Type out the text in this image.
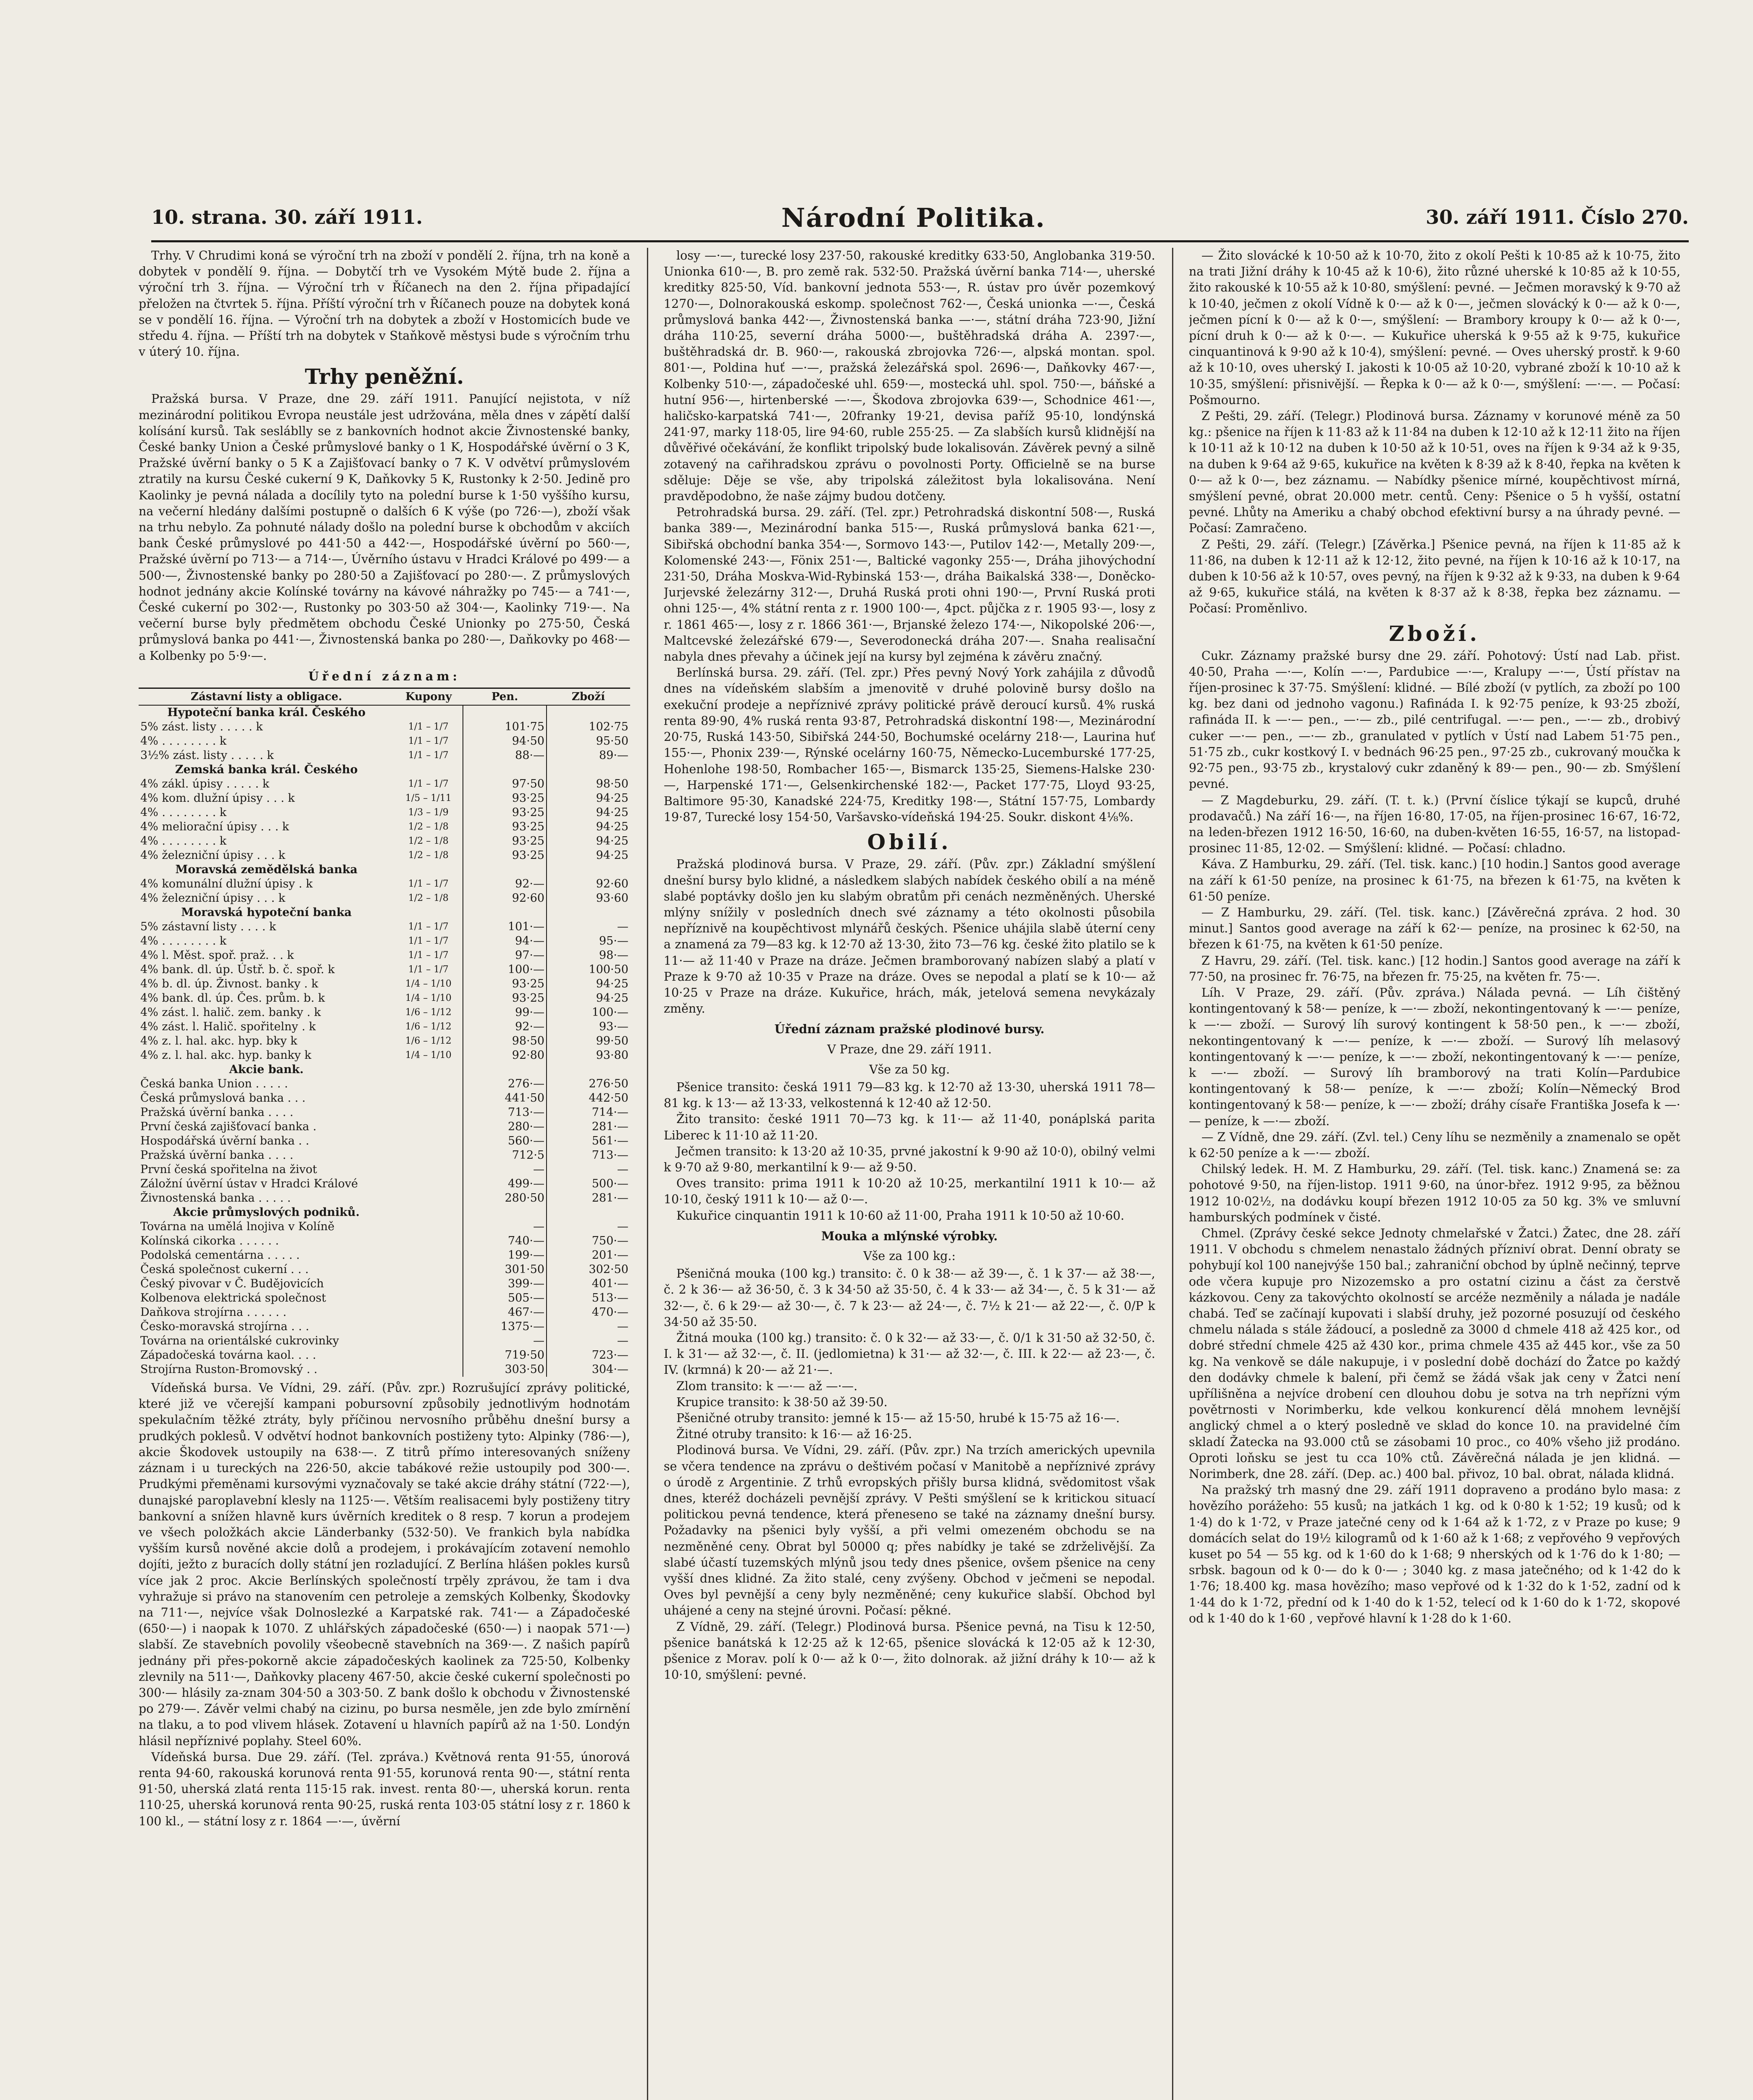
10. strana. 30. září 1911.	Národní Politika.	30. září 1911. Číslo 270.

Trhy. V Chrudimi koná se výroční trh na zboží v pondělí 2. října, trh na koně a dobytek v pondělí 9. října. — Dobytčí trh ve Vysokém Mýtě bude 2. října a výroční trh 3. října. — Výroční trh v Říčanech na den 2. října připadající přeložen na čtvrtek 5. října. Příští výroční trh v Říčanech pouze na dobytek koná se v pondělí 16. října. — Výroční trh na dobytek a zboží v Hostomicích bude ve středu 4. října. — Příští trh na dobytek v Staňkově městysi bude s výročním trhu v úterý 10. října.

Trhy peněžní.

Pražská bursa. V Praze, dne 29. září 1911. Panující nejistota, v níž mezinárodní politikou Evropa neustále jest udržována, měla dnes v zápětí další kolísání kursů. Tak sesláblly se z bankovních hodnot akcie Živnostenské banky, České banky Union a České průmyslové banky o 1 K, Hospodářské úvěrní o 3 K, Pražské úvěrní banky o 5 K a Zajišťovací banky o 7 K. V odvětví průmyslovém ztratily na kursu České cukerní 9 K, Daňkovky 5 K, Rustonky k 2·50. Jedině pro Kaolinky je pevná nálada a docílily tyto na polední burse k 1·50 vyššího kursu, na večerní hledány dalšími postupně o dalších 6 K výše (po 726·—), zboží však na trhu nebylo. Za pohnuté nálady došlo na polední burse k obchodům v akciích bank České průmyslové po 441·50 a 442·—, Hospodářské úvěrní po 560·—, Pražské úvěrní po 713·— a 714·—, Úvěrního ústavu v Hradci Králové po 499·— a 500·—, Živnostenské banky po 280·50 a Zajišťovací po 280·—. Z průmyslových hodnot jednány akcie Kolínské továrny na kávové náhražky po 745·— a 741·—, České cukerní po 302·—, Rustonky po 303·50 až 304·—, Kaolinky 719·—. Na večerní burse byly předmětem obchodu České Unionky po 275·50, Česká průmyslová banka po 441·—, Živnostenská banka po 280·—, Daňkovky po 468·— a Kolbenky po 5·9·—.

Úřední záznam:
Zástavní listy a obligace.	Kupony	Pen.	Zboží
Hypoteční banka král. Českého			
5% zást. listy . . . . . k	1/1 – 1/7	101·75	102·75
4% . . . . . . . . k	1/1 – 1/7	94·50	95·50
3½% zást. listy . . . . . k	1/1 – 1/7	88·—	89·—
Zemská banka král. Českého			
4% zákl. úpisy . . . . . k	1/1 – 1/7	97·50	98·50
4% kom. dlužní úpisy . . . k	1/5 – 1/11	93·25	94·25
4% . . . . . . . . k	1/3 – 1/9	93·25	94·25
4% meliorační úpisy . . . k	1/2 – 1/8	93·25	94·25
4% . . . . . . . . k	1/2 – 1/8	93·25	94·25
4% železniční úpisy . . . k	1/2 – 1/8	93·25	94·25
Moravská zemědělská banka			
4% komunální dlužní úpisy . k	1/1 – 1/7	92·—	92·60
4% železniční úpisy . . . k	1/2 – 1/8	92·60	93·60
Moravská hypoteční banka			
5% zástavní listy . . . . k	1/1 – 1/7	101·—	—
4% . . . . . . . . k	1/1 – 1/7	94·—	95·—
4% l. Měst. spoř. praž. . . k	1/1 – 1/7	97·—	98·—
4% bank. dl. úp. Ústř. b. č. spoř. k	1/1 – 1/7	100·—	100·50
4% b. dl. úp. Živnost. banky . k	1/4 – 1/10	93·25	94·25
4% bank. dl. úp. Čes. prům. b. k	1/4 – 1/10	93·25	94·25
4% zást. l. halič. zem. banky . k	1/6 – 1/12	99·—	100·—
4% zást. l. Halič. spořitelny . k	1/6 – 1/12	92·—	93·—
4% z. l. hal. akc. hyp. bky k	1/6 – 1/12	98·50	99·50
4% z. l. hal. akc. hyp. banky k	1/4 – 1/10	92·80	93·80
Akcie bank.			
Česká banka Union . . . . .		276·—	276·50
Česká průmyslová banka . . .		441·50	442·50
Pražská úvěrní banka . . . .		713·—	714·—
První česká zajišťovací banka .		280·—	281·—
Hospodářská úvěrní banka . .		560·—	561·—
Pražská úvěrní banka . . . .		712·5	713·—
První česká spořitelna na život		—	—
Záložní úvěrní ústav v Hradci Králové		499·—	500·—
Živnostenská banka . . . . .		280·50	281·—
Akcie průmyslových podniků.			
Továrna na umělá lnojiva v Kolíně		—	—
Kolínská cikorka . . . . . .		740·—	750·—
Podolská cementárna . . . . .		199·—	201·—
Česká společnost cukerní . . .		301·50	302·50
Český pivovar v Č. Budějovicích		399·—	401·—
Kolbenova elektrická společnost		505·—	513·—
Daňkova strojírna . . . . . .		467·—	470·—
Česko-moravská strojírna . . .		1375·—	—
Továrna na orientálské cukrovinky		—	—
Západočeská továrna kaol. . . .		719·50	723·—
Strojírna Ruston-Bromovský . .		303·50	304·—

Vídeňská bursa. Ve Vídni, 29. září. (Pův. zpr.) Rozrušující zprávy politické, které již ve včerejší kampani pobursovní způsobily jednotlivým hodnotám spekulačním těžké ztráty, byly příčinou nervosního průběhu dnešní bursy a prudkých poklesů. V odvětví hodnot bankovních postiženy tyto: Alpinky (786·—), akcie Škodovek ustoupily na 638·—. Z titrů přímo interesovaných sníženy záznam i u tureckých na 226·50, akcie tabákové režie ustoupily pod 300·—. Prudkými přeměnami kursovými vyznačovaly se také akcie dráhy státní (722·—), dunajské paroplavební klesly na 1125·—. Větším realisacemi byly postiženy titry bankovní a snížen hlavně kurs úvěrních kreditek o 8 resp. 7 korun a prodejem ve všech položkách akcie Länderbanky (532·50). Ve frankich byla nabídka vyšším kursů nověné akcie dolů a prodejem, i prokávajícím zotavení nemohlo dojíti, ježto z buracích dolly státní jen rozladující. Z Berlína hlášen pokles kursů více jak 2 proc. Akcie Berlínských společností trpěly zprávou, že tam i dva vyhražuje si právo na stanovením cen petroleje a zemských Kolbenky, Škodovky na 711·—, nejvíce však Dolnoslezké a Karpatské rak. 741·— a Západočeské (650·—) i naopak k 1070. Z uhlářských západočeské (650·—) i naopak 571·—) slabší. Ze stavebních povolily všeobecně stavebních na 369·—. Z našich papírů jednány při přes-pokorně akcie západočeských kaolinek za 725·50, Kolbenky zlevnily na 511·—, Daňkovky placeny 467·50, akcie české cukerní společnosti po 300·— hlásily za-znam 304·50 a 303·50. Z bank došlo k obchodu v Živnostenské po 279·—. Závěr velmi chabý na cizinu, po bursa nesměle, jen zde bylo zmírnění na tlaku, a to pod vlivem hlásek. Zotavení u hlavních papírů až na 1·50. Londýn hlásil nepříznivé poplahy. Steel 60%.

Vídeňská bursa. Due 29. září. (Tel. zpráva.) Květnová renta 91·55, únorová renta 94·60, rakouská korunová renta 91·55, korunová renta 90·—, státní renta 91·50, uherská zlatá renta 115·15 rak. invest. renta 80·—, uherská korun. renta 110·25, uherská korunová renta 90·25, ruská renta 103·05 státní losy z r. 1860 k 100 kl., — státní losy z r. 1864 —·—, úvěrní

losy —·—, turecké losy 237·50, rakouské kreditky 633·50, Anglobanka 319·50. Unionka 610·—, B. pro země rak. 532·50. Pražská úvěrní banka 714·—, uherské kreditky 825·50, Víd. bankovní jednota 553·—, R. ústav pro úvěr pozemkový 1270·—, Dolnorakouská eskomp. společnost 762·—, Česká unionka —·—, Česká průmyslová banka 442·—, Živnostenská banka —·—, státní dráha 723·90, Jižní dráha 110·25, severní dráha 5000·—, buštěhradská dráha A. 2397·—, buštěhradská dr. B. 960·—, rakouská zbrojovka 726·—, alpská montan. spol. 801·—, Poldina huť —·—, pražská železářská spol. 2696·—, Daňkovky 467·—, Kolbenky 510·—, západočeské uhl. 659·—, mostecká uhl. spol. 750·—, báňské a hutní 956·—, hirtenberské —·—, Škodova zbrojovka 639·—, Schodnice 461·—, haličsko-karpatská 741·—, 20franky 19·21, devisa paříž 95·10, londýnská 241·97, marky 118·05, lire 94·60, ruble 255·25. — Za slabších kursů klidnější na důvěřivé očekávání, že konflikt tripolský bude lokalisován. Závěrek pevný a silně zotavený na cařihradskou zprávu o povolnosti Porty. Officielně se na burse sděluje: Děje se vše, aby tripolská záležitost byla lokalisována. Není pravděpodobno, že naše zájmy budou dotčeny.

Petrohradská bursa. 29. září. (Tel. zpr.) Petrohradská diskontní 508·—, Ruská banka 389·—, Mezinárodní banka 515·—, Ruská průmyslová banka 621·—, Sibiřská obchodní banka 354·—, Sormovo 143·—, Putilov 142·—, Metally 209·—, Kolomenské 243·—, Fönix 251·—, Baltické vagonky 255·—, Dráha jihovýchodní 231·50, Dráha Moskva-Wid-Rybinská 153·—, dráha Baikalská 338·—, Doněcko-Jurjevské železárny 312·—, Druhá Ruská proti ohni 190·—, První Ruská proti ohni 125·—, 4% státní renta z r. 1900 100·—, 4pct. půjčka z r. 1905 93·—, losy z r. 1861 465·—, losy z r. 1866 361·—, Brjanské železo 174·—, Nikopolské 206·—, Maltcevské železářské 679·—, Severodonecká dráha 207·—. Snaha realisační nabyla dnes převahy a účinek její na kursy byl zejména k závěru značný.

Berlínská bursa. 29. září. (Tel. zpr.) Přes pevný Nový York zahájila z důvodů dnes na vídeňském slabším a jmenovitě v druhé polovině bursy došlo na exekuční prodeje a nepříznivé zprávy politické právě deroucí kursů. 4% ruská renta 89·90, 4% ruská renta 93·87, Petrohradská diskontní 198·—, Mezinárodní 20·75, Ruská 143·50, Sibiřská 244·50, Bochumské ocelárny 218·—, Laurina huť 155·—, Phonix 239·—, Rýnské ocelárny 160·75, Německo-Lucemburské 177·25, Hohenlohe 198·50, Rombacher 165·—, Bismarck 135·25, Siemens-Halske 230·—, Harpenské 171·—, Gelsenkirchenské 182·—, Packet 177·75, Lloyd 93·25, Baltimore 95·30, Kanadské 224·75, Kreditky 198·—, Státní 157·75, Lombardy 19·87, Turecké losy 154·50, Varšavsko-vídeňská 194·25. Soukr. diskont 4⅛%.

Obilí.

Pražská plodinová bursa. V Praze, 29. září. (Pův. zpr.) Základní smýšlení dnešní bursy bylo klidné, a následkem slabých nabídek českého obilí a na méně slabé poptávky došlo jen ku slabým obratům při cenách nezměněných. Uherské mlýny snížily v posledních dnech své záznamy a této okolnosti působila nepříznivě na koupěchtivost mlynářů českých. Pšenice uhájila slabě úterní ceny a znamená za 79—83 kg. k 12·70 až 13·30, žito 73—76 kg. české žito platilo se k 11·— až 11·40 v Praze na dráze. Ječmen bramborovaný nabízen slabý a platí v Praze k 9·70 až 10·35 v Praze na dráze. Oves se nepodal a platí se k 10·— až 10·25 v Praze na dráze. Kukuřice, hrách, mák, jetelová semena nevykázaly změny.

Úřední záznam pražské plodinové bursy.
V Praze, dne 29. září 1911.
Vše za 50 kg.

Pšenice transito: česká 1911 79—83 kg. k 12·70 až 13·30, uherská 1911 78—81 kg. k 13·— až 13·33, velkostenná k 12·40 až 12·50.

Žito transito: české 1911 70—73 kg. k 11·— až 11·40, ponáplská parita Liberec k 11·10 až 11·20.

Ječmen transito: k 13·20 až 10·35, prvné jakostní k 9·90 až 10·0), obilný velmi k 9·70 až 9·80, merkantilní k 9·— až 9·50.

Oves transito: prima 1911 k 10·20 až 10·25, merkantilní 1911 k 10·— až 10·10, český 1911 k 10·— až 0·—.

Kukuřice cinquantin 1911 k 10·60 až 11·00, Praha 1911 k 10·50 až 10·60.

Mouka a mlýnské výrobky.
Vše za 100 kg.:

Pšeničná mouka (100 kg.) transito: č. 0 k 38·— až 39·—, č. 1 k 37·— až 38·—, č. 2 k 36·— až 36·50, č. 3 k 34·50 až 35·50, č. 4 k 33·— až 34·—, č. 5 k 31·— až 32·—, č. 6 k 29·— až 30·—, č. 7 k 23·— až 24·—, č. 7½ k 21·— až 22·—, č. 0/P k 34·50 až 35·50.

Žitná mouka (100 kg.) transito: č. 0 k 32·— až 33·—, č. 0/1 k 31·50 až 32·50, č. I. k 31·— až 32·—, č. II. (jedlomietna) k 31·— až 32·—, č. III. k 22·— až 23·—, č. IV. (krmná) k 20·— až 21·—.

Zlom transito: k —·— až —·—.

Krupice transito: k 38·50 až 39·50.

Pšeničné otruby transito: jemné k 15·— až 15·50, hrubé k 15·75 až 16·—.

Žitné otruby transito: k 16·— až 16·25.

Plodinová bursa. Ve Vídni, 29. září. (Pův. zpr.) Na trzích amerických upevnila se včera tendence na zprávu o deštivém počasí v Manitobě a nepříznivé zprávy o úrodě z Argentinie. Z trhů evropských přišly bursa klidná, svědomitost však dnes, kteréž docházeli pevnější zprávy. V Pešti smýšlení se k kritickou situací politickou pevná tendence, která přeneseno se také na záznamy dnešní bursy. Požadavky na pšenici byly vyšší, a při velmi omezeném obchodu se na nezměněné ceny. Obrat byl 50000 q; přes nabídky je také se zdrželivější. Za slabé účastí tuzemských mlýnů jsou tedy dnes pšenice, ovšem pšenice na ceny vyšší dnes klidné. Za žito stalé, ceny zvýšeny. Obchod v ječmeni se nepodal. Oves byl pevnější a ceny byly nezměněné; ceny kukuřice slabší. Obchod byl uhájené a ceny na stejné úrovni. Počasí: pěkné.

Z Vídně, 29. září. (Telegr.) Plodinová bursa. Pšenice pevná, na Tisu k 12·50, pšenice banátská k 12·25 až k 12·65, pšenice slovácká k 12·05 až k 12·30, pšenice z Morav. polí k 0·— až k 0·—, žito dolnorak. až jižní dráhy k 10·— až k 10·10, smýšlení: pevné.

— Žito slovácké k 10·50 až k 10·70, žito z okolí Pešti k 10·85 až k 10·75, žito na trati Jižní dráhy k 10·45 až k 10·6), žito různé uherské k 10·85 až k 10·55, žito rakouské k 10·55 až k 10·80, smýšlení: pevné. — Ječmen moravský k 9·70 až k 10·40, ječmen z okolí Vídně k 0·— až k 0·—, ječmen slovácký k 0·— až k 0·—, ječmen pícní k 0·— až k 0·—, smýšlení: — Brambory kroupy k 0·— až k 0·—, pícní druh k 0·— až k 0·—. — Kukuřice uherská k 9·55 až k 9·75, kukuřice cinquantinová k 9·90 až k 10·4), smýšlení: pevné. — Oves uherský prostř. k 9·60 až k 10·10, oves uherský I. jakosti k 10·05 až 10·20, vybrané zboží k 10·10 až k 10·35, smýšlení: přisnivější. — Řepka k 0·— až k 0·—, smýšlení: —·—. — Počasí: Pošmourno.

Z Pešti, 29. září. (Telegr.) Plodinová bursa. Záznamy v korunové méně za 50 kg.: pšenice na říjen k 11·83 až k 11·84 na duben k 12·10 až k 12·11 žito na říjen k 10·11 až k 10·12 na duben k 10·50 až k 10·51, oves na říjen k 9·34 až k 9·35, na duben k 9·64 až 9·65, kukuřice na květen k 8·39 až k 8·40, řepka na květen k 0·— až k 0·—, bez záznamu. — Nabídky pšenice mírné, koupěchtivost mírná, smýšlení pevné, obrat 20.000 metr. centů. Ceny: Pšenice o 5 h vyšší, ostatní pevné. Lhůty na Ameriku a chabý obchod efektivní bursy a na úhrady pevné. — Počasí: Zamračeno.

Z Pešti, 29. září. (Telegr.) [Závěrka.] Pšenice pevná, na říjen k 11·85 až k 11·86, na duben k 12·11 až k 12·12, žito pevné, na říjen k 10·16 až k 10·17, na duben k 10·56 až k 10·57, oves pevný, na říjen k 9·32 až k 9·33, na duben k 9·64 až 9·65, kukuřice stálá, na květen k 8·37 až k 8·38, řepka bez záznamu. — Počasí: Proměnlivo.

Zboží.

Cukr. Záznamy pražské bursy dne 29. září. Pohotový: Ústí nad Lab. přist. 40·50, Praha —·—, Kolín —·—, Pardubice —·—, Kralupy —·—, Ústí přístav na říjen-prosinec k 37·75. Smýšlení: klidné. — Bílé zboží (v pytlích, za zboží po 100 kg. bez dani od jednoho vagonu.) Rafináda I. k 92·75 peníze, k 93·25 zboží, rafináda II. k —·— pen., —·— zb., pilé centrifugal. —·— pen., —·— zb., drobivý cuker —·— pen., —·— zb., granulated v pytlích v Ústí nad Labem 51·75 pen., 51·75 zb., cukr kostkový I. v bednách 96·25 pen., 97·25 zb., cukrovaný moučka k 92·75 pen., 93·75 zb., krystalový cukr zdaněný k 89·— pen., 90·— zb. Smýšlení pevné.

— Z Magdeburku, 29. září. (T. t. k.) (První číslice týkají se kupců, druhé prodavačů.) Na září 16·—, na říjen 16·80, 17·05, na říjen-prosinec 16·67, 16·72, na leden-březen 1912 16·50, 16·60, na duben-květen 16·55, 16·57, na listopad-prosinec 11·85, 12·02. — Smýšlení: klidné. — Počasí: chladno.

Káva. Z Hamburku, 29. září. (Tel. tisk. kanc.) [10 hodin.] Santos good average na září k 61·50 peníze, na prosinec k 61·75, na březen k 61·75, na květen k 61·50 peníze.

— Z Hamburku, 29. září. (Tel. tisk. kanc.) [Závěrečná zpráva. 2 hod. 30 minut.] Santos good average na září k 62·— peníze, na prosinec k 62·50, na březen k 61·75, na květen k 61·50 peníze.

Z Havru, 29. září. (Tel. tisk. kanc.) [12 hodin.] Santos good average na září k 77·50, na prosinec fr. 76·75, na březen fr. 75·25, na květen fr. 75·—.

Líh. V Praze, 29. září. (Pův. zpráva.) Nálada pevná. — Líh čištěný kontingentovaný k 58·— peníze, k —·— zboží, nekontingentovaný k —·— peníze, k —·— zboží. — Surový líh surový kontingent k 58·50 pen., k —·— zboží, nekontingentovaný k —·— peníze, k —·— zboží. — Surový líh melasový kontingentovaný k —·— peníze, k —·— zboží, nekontingentovaný k —·— peníze, k —·— zboží. — Surový líh bramborový na trati Kolín—Pardubice kontingentovaný k 58·— peníze, k —·— zboží; Kolín—Německý Brod kontingentovaný k 58·— peníze, k —·— zboží; dráhy císaře Františka Josefa k —·— peníze, k —·— zboží.

— Z Vídně, dne 29. září. (Zvl. tel.) Ceny líhu se nezměnily a znamenalo se opět k 62·50 peníze a k —·— zboží.

Chilský ledek. H. M. Z Hamburku, 29. září. (Tel. tisk. kanc.) Znamená se: za pohotové 9·50, na říjen-listop. 1911 9·60, na únor-břez. 1912 9·95, za běžnou 1912 10·02½, na dodávku koupí březen 1912 10·05 za 50 kg. 3% ve smluvní hamburských podmínek v čisté.

Chmel. (Zprávy české sekce Jednoty chmelařské v Žatci.) Žatec, dne 28. září 1911. V obchodu s chmelem nenastalo žádných přízniví obrat. Denní obraty se pohybují kol 100 nanejvýše 150 bal.; zahraniční obchod by úplně nečinný, teprve ode včera kupuje pro Nizozemsko a pro ostatní cizinu a část za čerstvě kázkovou. Ceny za takovýchto okolností se arcéže nezměnily a nálada je nadále chabá. Teď se začínají kupovati i slabší druhy, jež pozorné posuzují od českého chmelu nálada s stále žádoucí, a posledně za 3000 d chmele 418 až 425 kor., od dobré střední chmele 425 až 430 kor., prima chmele 435 až 445 kor., vše za 50 kg. Na venkově se dále nakupuje, i v poslední době dochází do Žatce po každý den dodávky chmele k balení, při čemž se žádá však jak ceny v Žatci není upřílišněna a nejvíce drobení cen dlouhou dobu je sotva na trh nepřízni vým povětrnosti v Norimberku, kde velkou konkurencí dělá mnohem levnější anglický chmel a o který posledně ve sklad do konce 10. na pravidelné čím skladí Žatecka na 93.000 ctů se zásobami 10 proc., co 40% všeho již prodáno. Oproti loňsku se jest tu cca 10% ctů. Závěrečná nálada je jen klidná. — Norimberk, dne 28. září. (Dep. ac.) 400 bal. přivoz, 10 bal. obrat, nálada klidná.

Na pražský trh masný dne 29. září 1911 dopraveno a prodáno bylo masa: z hovězího porážeho: 55 kusů; na jatkách 1 kg. od k 0·80 k 1·52; 19 kusů; od k 1·4) do k 1·72, v Praze jatečné ceny od k 1·64 až k 1·72, z v Praze po kuse; 9 domácích selat do 19½ kilogramů od k 1·60 až k 1·68; z vepřového 9 vepřových kuset po 54 — 55 kg. od k 1·60 do k 1·68; 9 nherských od k 1·76 do k 1·80; — srbsk. bagoun od k 0·— do k 0·— ; 3040 kg. z masa jatečného; od k 1·42 do k 1·76; 18.400 kg. masa hovězího; maso vepřové od k 1·32 do k 1·52, zadní od k 1·44 do k 1·72, přední od k 1·40 do k 1·52, telecí od k 1·60 do k 1·72, skopové od k 1·40 do k 1·60 , vepřové hlavní k 1·28 do k 1·60.
